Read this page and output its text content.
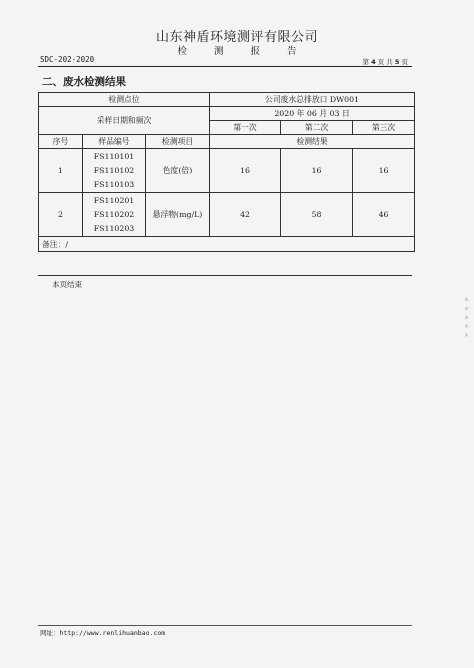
山东神盾环境测评有限公司
检 测 报 告
SDC-202-2020	第 4 页 共 5 页
二、废水检测结果
检测点位			公司废水总排放口 DW001		
采样日期和频次			2020 年 06 月 03 日		
			第一次	第二次	第三次
序号	样品编号	检测项目	检测结果		
1	FS110101
FS110102
FS110103	色度(倍)	16	16	16
2	FS110201
FS110202
FS110203	悬浮物(mg/L)	42	58	46
备注：/					
本页结束
▪ ▪ ▪ ▪ ▪
网址：http://www.renlihuanbao.com
